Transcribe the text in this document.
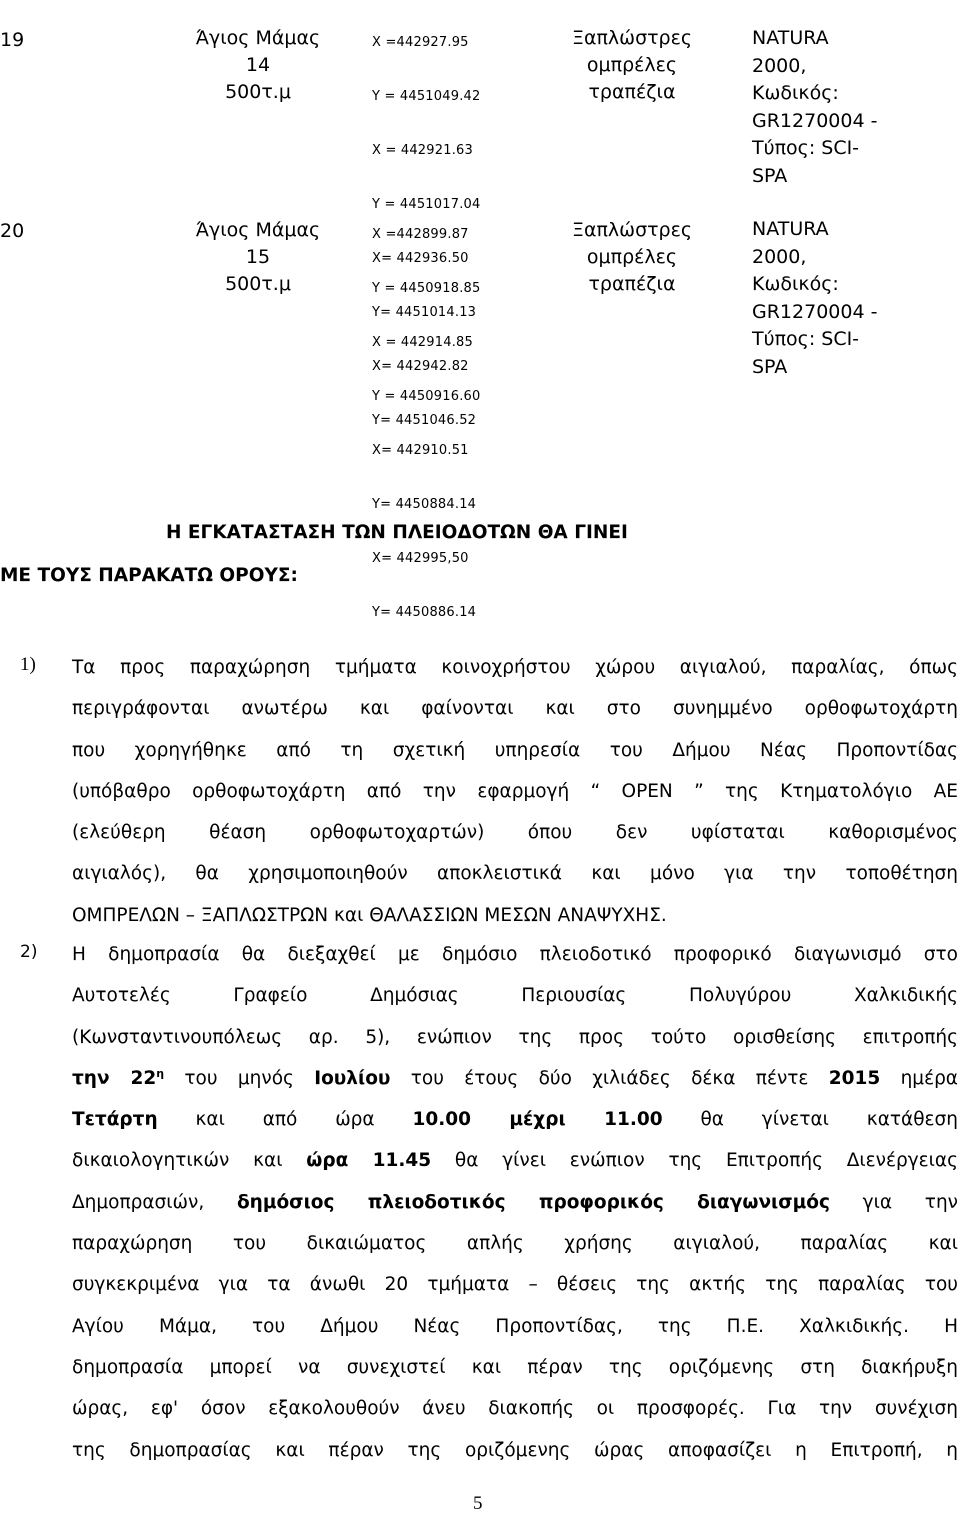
19	Άγιος Μάμας
14
500τ.μ

X =442927.95

Y = 4451049.42

X = 442921.63

Y = 4451017.04

X= 442936.50

Y= 4451014.13

X= 442942.82

Y= 4451046.52

Ξαπλώστρες
ομπρέλες
τραπέζια
NATURA
2000,
Κωδικός:
GR1270004 -
Τύπος: SCI-
SPA
20	Άγιος Μάμας
15
500τ.μ

X =442899.87

Y = 4450918.85

X = 442914.85

Y = 4450916.60

X= 442910.51

Y= 4450884.14

X= 442995,50

Y= 4450886.14

Ξαπλώστρες
ομπρέλες
τραπέζια
NATURA
2000,
Κωδικός:
GR1270004 -
Τύπος: SCI-
SPA
Η ΕΓΚΑΤΑΣΤΑΣΗ ΤΩΝ ΠΛΕΙΟΔΟΤΩΝ ΘΑ ΓΙΝΕΙ
ΜΕ ΤΟΥΣ ΠΑΡΑΚΑΤΩ ΟΡΟΥΣ:
1) Τα προς παραχώρηση τμήματα κοινοχρήστου χώρου αιγιαλού, παραλίας, όπως
περιγράφονται ανωτέρω και φαίνονται και στο συνημμένο ορθοφωτοχάρτη
που χορηγήθηκε από τη σχετική υπηρεσία του Δήμου Νέας Προποντίδας
(υπόβαθρο ορθοφωτοχάρτη από την εφαρμογή “ OPEN ” της Κτηματολόγιο ΑΕ
(ελεύθερη θέαση ορθοφωτοχαρτών) όπου δεν υφίσταται καθορισμένος
αιγιαλός), θα χρησιμοποιηθούν αποκλειστικά και μόνο για την τοποθέτηση
ΟΜΠΡΕΛΩΝ – ΞΑΠΛΩΣΤΡΩΝ και ΘΑΛΑΣΣΙΩΝ ΜΕΣΩΝ ΑΝΑΨΥΧΗΣ.
2) Η δημοπρασία θα διεξαχθεί με δημόσιο πλειοδοτικό προφορικό διαγωνισμό στο
Αυτοτελές Γραφείο Δημόσιας Περιουσίας Πολυγύρου Χαλκιδικής
(Κωνσταντινουπόλεως αρ. 5), ενώπιον της προς τούτο ορισθείσης επιτροπής
την $22^\eta$ του μηνός Ιουλίου του έτους δύο χιλιάδες δέκα πέντε 2015 ημέρα
Τετάρτη και από ώρα 10.00 μέχρι 11.00 θα γίνεται κατάθεση
δικαιολογητικών και ώρα 11.45 θα γίνει ενώπιον της Επιτροπής Διενέργειας
Δημοπρασιών, δημόσιος πλειοδοτικός προφορικός διαγωνισμός για την
παραχώρηση του δικαιώματος απλής χρήσης αιγιαλού, παραλίας και
συγκεκριμένα για τα άνωθι 20 τμήματα – θέσεις της ακτής της παραλίας του
Αγίου Μάμα, του Δήμου Νέας Προποντίδας, της Π.Ε. Χαλκιδικής. Η
δημοπρασία μπορεί να συνεχιστεί και πέραν της οριζόμενης στη διακήρυξη
ώρας, εφ' όσον εξακολουθούν άνευ διακοπής οι προσφορές. Για την συνέχιση
της δημοπρασίας και πέραν της οριζόμενης ώρας αποφασίζει η Επιτροπή, η
5
